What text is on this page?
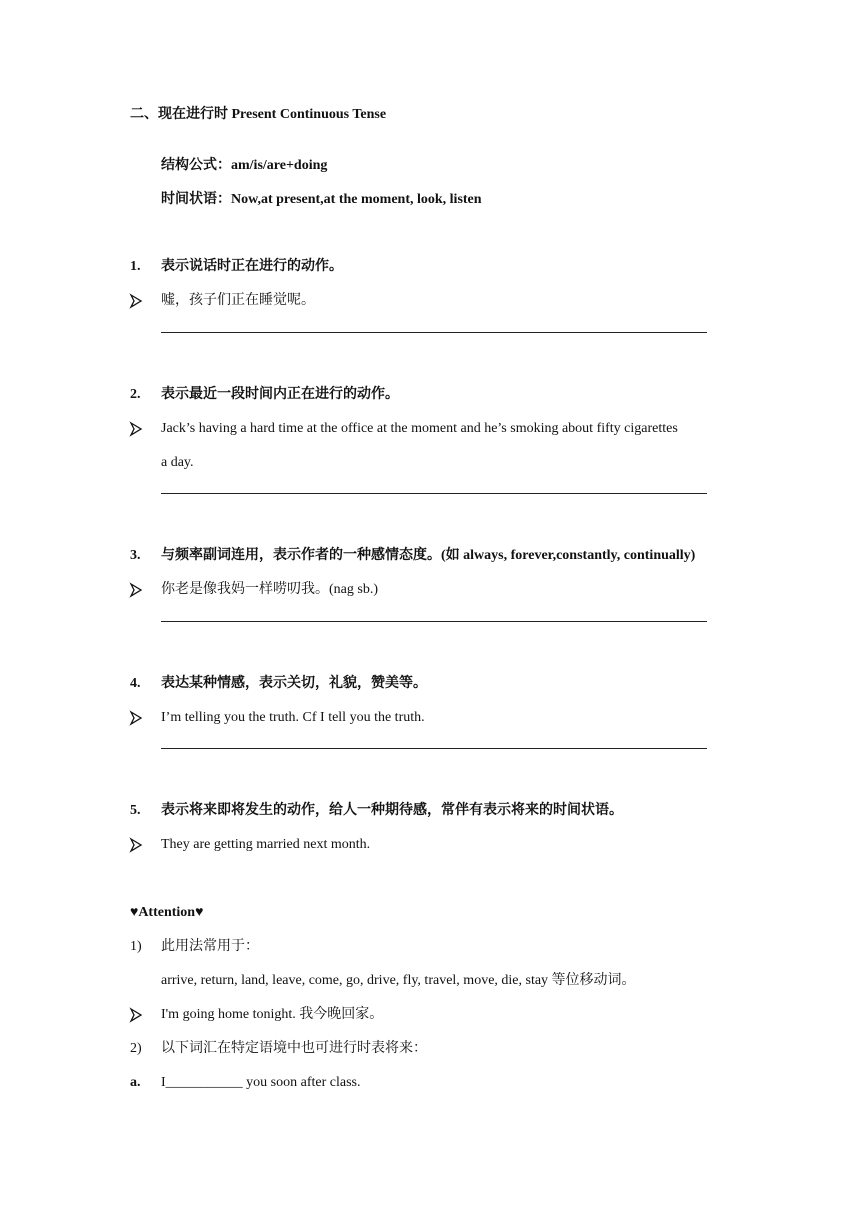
二、现在进行时 Present Continuous Tense
结构公式：am/is/are+doing
时间状语：Now,at present,at the moment, look, listen
1. 表示说话时正在进行的动作。
嘘，孩子们正在睡觉呢。
2. 表示最近一段时间内正在进行的动作。
Jack’s having a hard time at the office at the moment and he’s smoking about fifty cigarettes
a day.
3. 与频率副词连用，表示作者的一种感情态度。(如 always, forever,constantly, continually)
你老是像我妈一样唠叨我。(nag sb.)
4. 表达某种情感，表示关切，礼貌，赞美等。
I’m telling you the truth. Cf I tell you the truth.
5. 表示将来即将发生的动作，给人一种期待感，常伴有表示将来的时间状语。
They are getting married next month.
♥Attention♥
1) 此用法常用于：
arrive, return, land, leave, come, go, drive, fly, travel, move, die, stay 等位移动词。
I'm going home tonight. 我今晚回家。
2) 以下词汇在特定语境中也可进行时表将来：
a. I___________ you soon after class.
